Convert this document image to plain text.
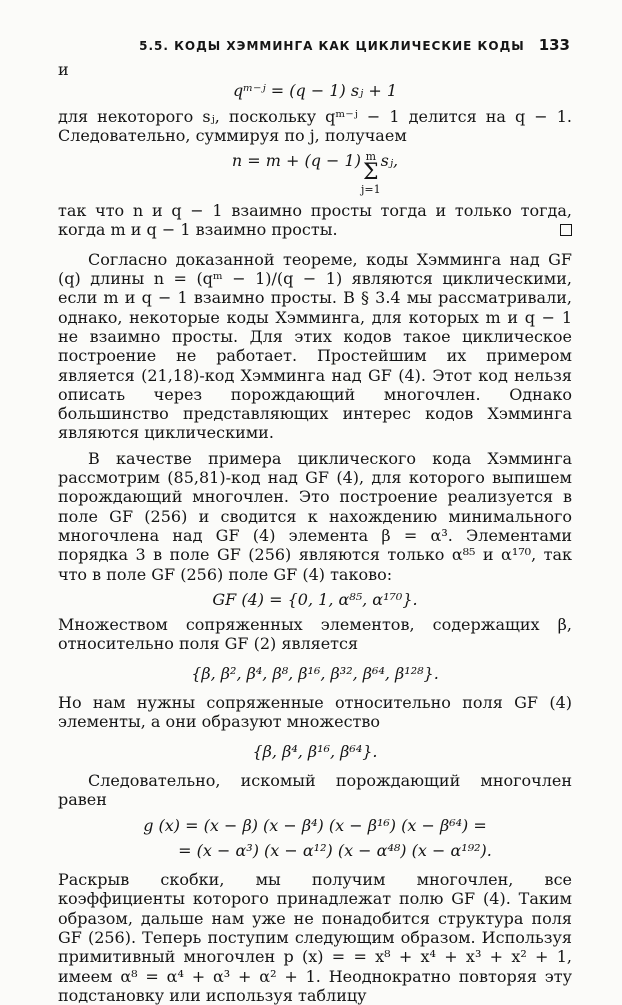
5.5. КОДЫ ХЭММИНГА КАК ЦИКЛИЧЕСКИЕ КОДЫ 133

и

qᵐ⁻ʲ = (q − 1) sⱼ + 1

для некоторого sⱼ, поскольку qᵐ⁻ʲ − 1 делится на q − 1. Следовательно, суммируя по j, получаем

n = m + (q − 1) m
Σ
j=1
sⱼ,

так что n и q − 1 взаимно просты тогда и только тогда, когда m и q − 1 взаимно просты.

Согласно доказанной теореме, коды Хэмминга над GF (q) длины n = (qᵐ − 1)/(q − 1) являются циклическими, если m и q − 1 взаимно просты. В § 3.4 мы рассматривали, однако, некоторые коды Хэмминга, для которых m и q − 1 не взаимно просты. Для этих кодов такое циклическое построение не работает. Простейшим их примером является (21,18)-код Хэмминга над GF (4). Этот код нельзя описать через порождающий многочлен. Однако большинство представляющих интерес кодов Хэмминга являются циклическими.

В качестве примера циклического кода Хэмминга рассмотрим (85,81)-код над GF (4), для которого выпишем порождающий многочлен. Это построение реализуется в поле GF (256) и сводится к нахождению минимального многочлена над GF (4) элемента β = α³. Элементами порядка 3 в поле GF (256) являются только α⁸⁵ и α¹⁷⁰, так что в поле GF (256) поле GF (4) таково:

GF (4) = {0, 1, α⁸⁵, α¹⁷⁰}.

Множеством сопряженных элементов, содержащих β, относительно поля GF (2) является

{β, β², β⁴, β⁸, β¹⁶, β³², β⁶⁴, β¹²⁸}.

Но нам нужны сопряженные относительно поля GF (4) элементы, а они образуют множество

{β, β⁴, β¹⁶, β⁶⁴}.

Следовательно, искомый порождающий многочлен равен

g (x) = (x − β) (x − β⁴) (x − β¹⁶) (x − β⁶⁴) =

= (x − α³) (x − α¹²) (x − α⁴⁸) (x − α¹⁹²).

Раскрыв скобки, мы получим многочлен, все коэффициенты которого принадлежат полю GF (4). Таким образом, дальше нам уже не понадобится структура поля GF (256). Теперь поступим следующим образом. Используя примитивный многочлен p (x) = = x⁸ + x⁴ + x³ + x² + 1, имеем α⁸ = α⁴ + α³ + α² + 1. Неоднократно повторяя эту подстановку или используя таблицу
